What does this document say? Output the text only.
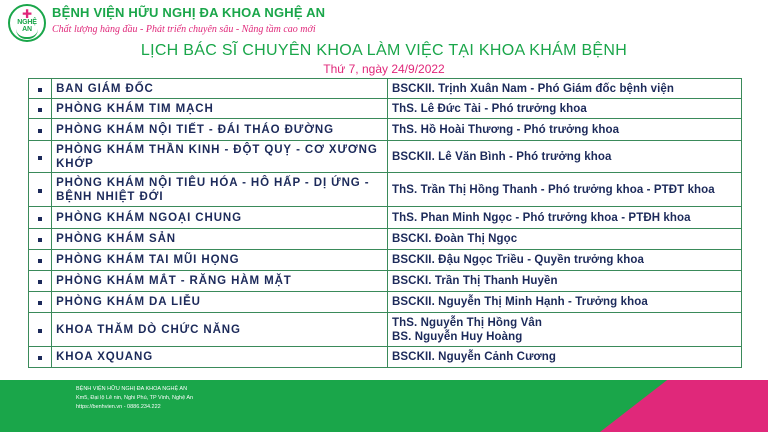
✚
NGHỆ AN
BỆNH VIỆN HỮU NGHỊ ĐA KHOA NGHỆ AN
Chất lượng hàng đầu - Phát triển chuyên sâu - Nâng tầm cao mới
LỊCH BÁC SĨ CHUYÊN KHOA LÀM VIỆC TẠI KHOA KHÁM BỆNH
Thứ 7, ngày 24/9/2022
	BAN GIÁM ĐỐC	BSCKII. Trịnh Xuân Nam - Phó Giám đốc bệnh viện
	PHÒNG KHÁM TIM MẠCH	ThS. Lê Đức Tài - Phó trưởng khoa
	PHÒNG KHÁM NỘI TIẾT - ĐÁI THÁO ĐƯỜNG	ThS. Hồ Hoài Thương - Phó trưởng khoa
	PHÒNG KHÁM THẦN KINH - ĐỘT QUỴ - CƠ XƯƠNG KHỚP	BSCKII. Lê Văn Bình - Phó trưởng khoa
	PHÒNG KHÁM NỘI TIÊU HÓA - HÔ HẤP - DỊ ỨNG - BỆNH NHIỆT ĐỚI	ThS. Trần Thị Hồng Thanh - Phó trưởng khoa - PTĐT khoa
	PHÒNG KHÁM NGOẠI CHUNG	ThS. Phan Minh Ngọc - Phó trưởng khoa - PTĐH khoa
	PHÒNG KHÁM SẢN	BSCKI. Đoàn Thị Ngọc
	PHÒNG KHÁM TAI MŨI HỌNG	BSCKII. Đậu Ngọc Triều - Quyền trưởng khoa
	PHÒNG KHÁM MẮT - RĂNG HÀM MẶT	BSCKI. Trần Thị Thanh Huyền
	PHÒNG KHÁM DA LIỄU	BSCKII. Nguyễn Thị Minh Hạnh - Trưởng khoa
	KHOA THĂM DÒ CHỨC NĂNG	ThS. Nguyễn Thị Hồng Vân
BS. Nguyễn Huy Hoàng

	KHOA XQUANG	BSCKII. Nguyễn Cảnh Cương
BỆNH VIỆN HỮU NGHỊ ĐA KHOA NGHỆ AN
Km5, Đại lộ Lê nin, Nghi Phú, TP Vinh, Nghệ An
https://benhvien.vn - 0886.234.222
